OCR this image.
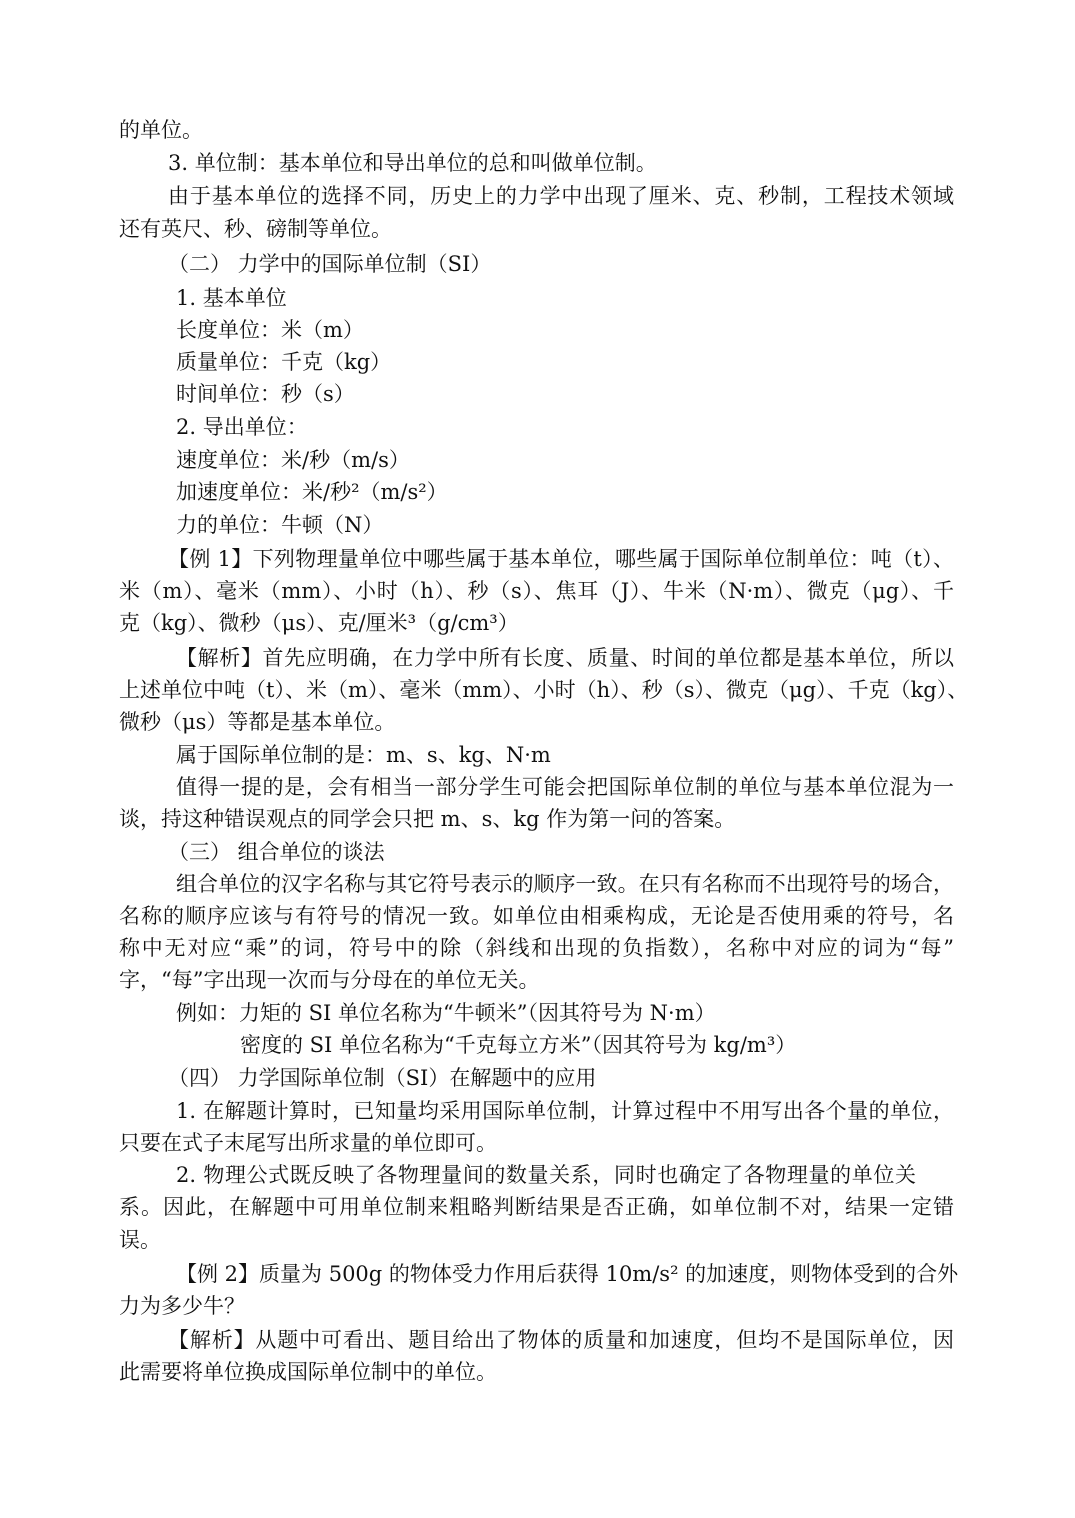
的单位。
3. 单位制：基本单位和导出单位的总和叫做单位制。
由于基本单位的选择不同，历史上的力学中出现了厘米、克、秒制，工程技术领域
还有英尺、秒、磅制等单位。
（二） 力学中的国际单位制（SI）
1. 基本单位
长度单位：米（m）
质量单位：千克（kg）
时间单位：秒（s）
2. 导出单位：
速度单位：米/秒（m/s）
加速度单位：米/秒²（m/s²）
力的单位：牛顿（N）
【例 1】下列物理量单位中哪些属于基本单位，哪些属于国际单位制单位：吨（t）、
米（m）、毫米（mm）、小时（h）、秒（s）、焦耳（J）、牛米（N·m）、微克（μg）、千
克（kg）、微秒（μs）、克/厘米³（g/cm³）
【解析】首先应明确，在力学中所有长度、质量、时间的单位都是基本单位，所以
上述单位中吨（t）、米（m）、毫米（mm）、小时（h）、秒（s）、微克（μg）、千克（kg）、
微秒（μs）等都是基本单位。
属于国际单位制的是：m、s、kg、N·m
值得一提的是，会有相当一部分学生可能会把国际单位制的单位与基本单位混为一
谈，持这种错误观点的同学会只把 m、s、kg 作为第一问的答案。
（三） 组合单位的谈法
组合单位的汉字名称与其它符号表示的顺序一致。在只有名称而不出现符号的场合，
名称的顺序应该与有符号的情况一致。如单位由相乘构成，无论是否使用乘的符号，名
称中无对应“乘”的词，符号中的除（斜线和出现的负指数），名称中对应的词为“每”
字，“每”字出现一次而与分母在的单位无关。
例如：力矩的 SI 单位名称为“牛顿米”（因其符号为 N·m）
密度的 SI 单位名称为“千克每立方米”（因其符号为 kg/m³）
（四） 力学国际单位制（SI）在解题中的应用
1. 在解题计算时，已知量均采用国际单位制，计算过程中不用写出各个量的单位，
只要在式子末尾写出所求量的单位即可。
2. 物理公式既反映了各物理量间的数量关系，同时也确定了各物理量的单位关
系。因此，在解题中可用单位制来粗略判断结果是否正确，如单位制不对，结果一定错
误。
【例 2】质量为 500g 的物体受力作用后获得 10m/s² 的加速度，则物体受到的合外
力为多少牛？
【解析】从题中可看出、题目给出了物体的质量和加速度，但均不是国际单位，因
此需要将单位换成国际单位制中的单位。
